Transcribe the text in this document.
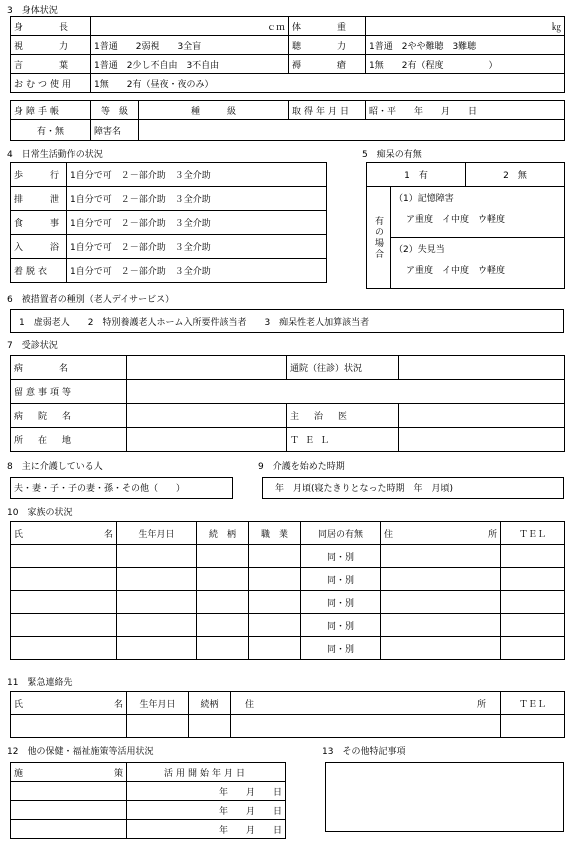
3　身体状況
身　　長	ｃｍ	体　　重	㎏
視　　力	1普通　　2弱視　　3全盲	聴　　力	1普通　2やや難聴　3難聴
言　　葉	1普通　2少し不自由　3不自由	褥　　瘡	1無　　2有（程度　　　　　）
おむつ使用	1無　　2有（昼夜・夜のみ）		
身障手帳	等　級	種　　　級	取得年月日	昭・平　　年　　月　　日
有・無	障害名			
4　日常生活動作の状況
歩　　行	1自分で可　２－部介助　３全介助
排　　泄	1自分で可　２－部介助　３全介助
食　　事	1自分で可　２－部介助　３全介助
入　　浴	1自分で可　２－部介助　３全介助
着脱衣	1自分で可　２－部介助　３全介助
5　痴呆の有無
1　有		2　無

有の場合	（1）記憶障害
ア重度　イ中度　ウ軽度	

	（2）失見当
ア重度　イ中度　ウ軽度	
6　被措置者の種別（老人デイサービス）
1　虚弱老人　　2　特別養護老人ホーム入所要件該当者　　3　痴呆性老人加算該当者
7　受診状況
病　　名		通院（往診）状況	
留意事項等			
病　院　名		主　治　医	
所　在　地		ＴＥＬ	
8　主に介護している人
夫・妻・子・子の妻・孫・その他（　　）
9　介護を始めた時期
年　月頃(寝たきりとなった時期　年　月頃)
10　家族の状況
氏　　　　　名	生年月日	続　柄	職　業	同居の有無	住　　　　　　　　　所	ＴＥＬ
				同・別		
				同・別		
				同・別		
				同・別		
				同・別		
11　緊急連絡先
氏　　　　　名	生年月日	続柄	住　　　　　　　　　所	ＴＥＬ

12　他の保健・福祉施策等活用状況
施　　　策	活用開始年月日
	年　　月　　日
	年　　月　　日
	年　　月　　日
13　その他特記事項
